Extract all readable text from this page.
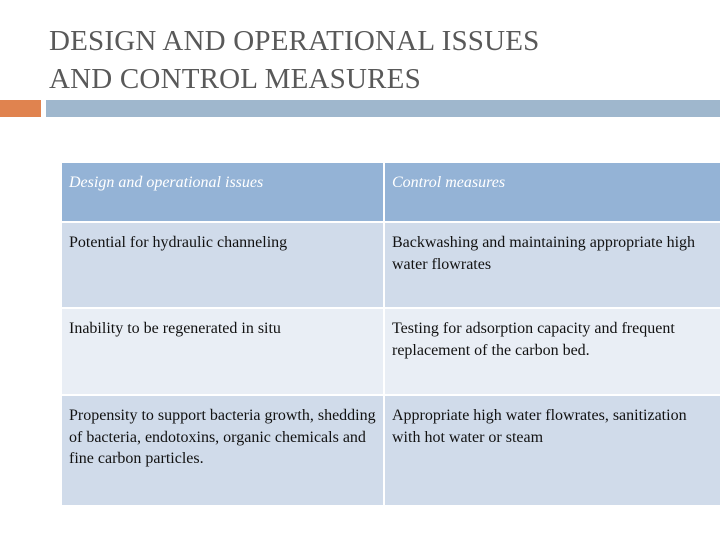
DESIGN AND OPERATIONAL ISSUES
AND CONTROL MEASURES
Design and operational issues	Control measures
Potential for hydraulic channeling	Backwashing and maintaining appropriate high water flowrates
Inability to be regenerated in situ	Testing for adsorption capacity and frequent replacement of the carbon bed.
Propensity to support bacteria growth, shedding of bacteria, endotoxins, organic chemicals and fine carbon particles.	Appropriate high water flowrates, sanitization with hot water or steam
